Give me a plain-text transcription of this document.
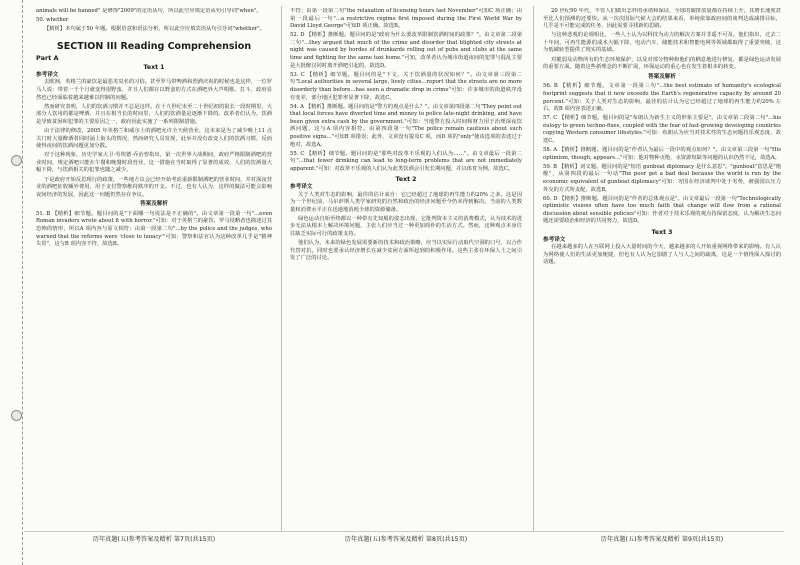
animals will be banned" 是修饰"2009"的定语从句，所以此空应填定语从句引导词"when"。

50. whether

【精析】本句属于50 年题。根据语意和语法分析，所以此空应填宾语从句引导词"whether"。

SECTION III Reading Comprehension
Part A
Text 1
参考译文

去欧洲，英格兰的豪饮是最恶劣臭名的习俗。甚至罗马带啤酒和烈酒庆祝的时候也是这样，一位罗马人说：带着一千个月就变得很野蛮，并且人们都在以野蛮的方式在酒吧外大声唱歌、打斗，政府显然也已经面临着越来越难以控制的问题。

然而研究表明，人们的饮酒习惯并不总是这样。在十九世纪末至二十世纪初的很长一段时期里，大部分人饮用的都是啤酒，并且在相当长的时间里，人们的饮酒量是逐渐下降的。改革者们认为，饮酒是导致贫困和犯罪的主要原因之一，政府因此实施了一系列限制措施。

由于法律的修改，2005 年英格兰和威尔士的酒吧允许全天候营业，这本来是为了减少晚上11 点关门时大量醉酒者同时涌上街头的情况，然而研究人员发现，此举并没有改变人们的饮酒习惯，反而使得夜间的饮酒问题更加分散。

对于这种现象，历史学家大卫·劳埃德·乔治曾指出，第一次世界大战期间，政府严格限制酒吧的营业时间，规定酒吧只能在午餐和晚餐时段营业，这一措施在当时取得了显著的成效，人们的饮酒量大幅下降，与饮酒相关的犯罪也随之减少。

于是政府开始反思现行的政策，一些地方议会已经开始考虑重新限制酒吧的营业时间，并对深夜营业的酒吧征收额外费用，用于支付警察维持秩序的开支。不过，也有人认为，这样的做法可能会影响夜间经济的发展，因此这一问题仍然存在争议。

答案及解析

51. B 【精析】细节题。题目问的是"下面哪一句说法是不正确的"。由文章第一段第一句"...even Roman invaders wrote about it with horror."可知：对于英格兰的豪饮，罗马侵略者也描述过其恐怖的情形，所以A 项内容与原文相符；由第一段第二句"...by the police and the judges, who warned that the reforms were 'close to lunacy'"可知：警察和法官认为这种改革几乎是"精神失常"，这与B 项内容不符，故选B。

不符；由第一段第二句"the relaxation of licensing hours last November"可知C 项正确；由第一段最后一句"...a restrictive regime first imposed during the First World War by David Lloyd George"可知D 项正确。故选B。

52. D 【精析】推断题。题目问的是"政府为什么要改革限制饮酒时间的政策？"。由文章第二段第二句"...they argued that much of the crime and disorder that blighted city streets at night was caused by hordes of drunkards rolling out of pubs and clubs at the same time and fighting for the same taxi home."可知，改革者认为城市街道夜间的犯罪与混乱主要是大批醉汉同时离开酒吧引起的，故选D。

53. C 【精析】细节题。题目问的是"下文，关于饮酒量的状况如何？"。由文章第三段第二句"Local authorities in several large, lively cities...report that the streets are no more disorderly than before...has seen a dramatic drop in crime"可知：许多城市的街道秩序没有变差，部分地区犯罪率显著下降，故选C。

54. A 【精析】推断题。题目问的是"警方的观点是什么？"。由文章第四段第二句"They point out that local forces have diverted time and money to police late-night drinking, and have been given extra cash by the government."可知：当地警方投入时间和财力用于治理深夜饮酒问题，这与A 项内容相符。由第四段第一句"The police remain cautious about such positive signs..."可知B 项错误；此外，文章没有提及C 项，而D 项的"only"使该选项的表述过于绝对，故选A。

55. C 【精析】细节题。题目问的是"那些对改革不乐观的人们认为……"。由文章最后一段第二句"...that fewer drinking can lead to long-term problems that are not immediately apparent."可知：对改革不乐观的人们认为此类饮酒会引发长期问题，并以体育为例，故选C。

Text 2
参考译文

关于人类对生态的影响，最佳的估计来自：它已经超过了地球的再生能力约20% 之多。这是因为一个世纪前、马尔萨斯人类学家研究的自然和政治的经济问题至今仍未得到解决。当前的人类数量和消费水平正在迅速地消耗全球的资源储备。

绿色运动自始至终都以一种带有先知般的姿态出现，它批判资本主义的消费模式，认为技术的进步无法从根本上解决环境问题，主张人们应当过一种更加简朴的生活方式。然而，这种观点本身往往缺乏实际可行的政策支持。

他们认为，未来的绿色发展需要新的技术和政治策略，应当以实际行动取代空洞的口号，以合作代替对抗，同时也要承认经济增长在减少贫困方面所起到的积极作用。这些主张在环保人士之间引发了广泛的讨论。

20 世纪90 年代，不管人们做出怎样的承诺和保证，全球的碳排放量都在持续上升，其增长速度甚至比人们预测的还要快。从一次次国际气候大会的结果来看，单纯依靠政府间的谈判达成减排目标，几乎是不可能完成的任务，因此需要寻找新的思路。

与这种悲观的论调相比，一些人士认为以科技为动力的解决方案并非遥不可及。他们指出，过去二十年间，可再生能源的成本大幅下降，电动汽车、储能技术和智能电网等领域都取得了重要突破，这为低碳转型提供了现实的基础。

对脆弱及动物所有的生态环境保护，以及对部分物种和他们的栖息地进行修复，都是绿色运动发展的重要方面。随着这些新理念的不断扩展，环保运动的重心也在发生着根本的转变。

答案及解析

56. B 【精析】细节题。文章第一段第三句"...the best estimate of humanity's ecological footprint suggests that it now exceeds the Earth's regenerative capacity by around 20 percent."可知：关于人类对生态的影响，最佳的估计认为它已经超过了地球的再生能力约20% 左右，故B 项内容表述正确。

57. C 【精析】细节题。题目问的是"布朗认为新生主义的形象主要是"。由文章第二段第二句"...his eulogy to green techno-fixes, coupled with the fear of fast-growing developing countries copying Western consumer lifestyles."可知：布朗认为应当对技术性的生态问题持乐观态度，故选C。

58. A 【精析】推断题。题目问的是"作者认为最后一段中的观点如何？"。由文章第三段第一句"His optimism, though, appears..."可知：他对物种灭绝、水资源短缺等问题的认识仍然不足，故选A。

59. B 【精析】词义题。题目问的是"短语 gunboat diplomacy 是什么意思"。"gunboat"意思是"炮舰"，从第四段的最后一句话"The poor get a bad deal because the world is run by the economic equivalent of gunboat diplomacy"可知：穷国在经济谈判中处于劣势，被强国以压力外交的方式所支配，故选B。

60. D 【精析】推断题。题目问的是"作者的总体观点是"。由文章最后一段第一句"Technologically optimistic visions often have too much faith that change will flow from a rational discussion about sensible policies"可知：作者对于技术乐观的观点持保留态度，认为解决生态问题还需要政治和经济的共同努力，故选D。

Text 3
参考译文

在越来越多的人在互联网上投入大量时间的今天，越来越多的人开始重视网络带来的影响。有人认为网络使人们的生活更加便捷，但也有人认为它加剧了人与人之间的疏离，这是一个值得深入探讨的话题。

历年真题(五)参考答案及精析 第7页(共15页)	历年真题(五)参考答案及精析 第8页(共15页)	历年真题(五)参考答案及精析 第9页(共15页)
